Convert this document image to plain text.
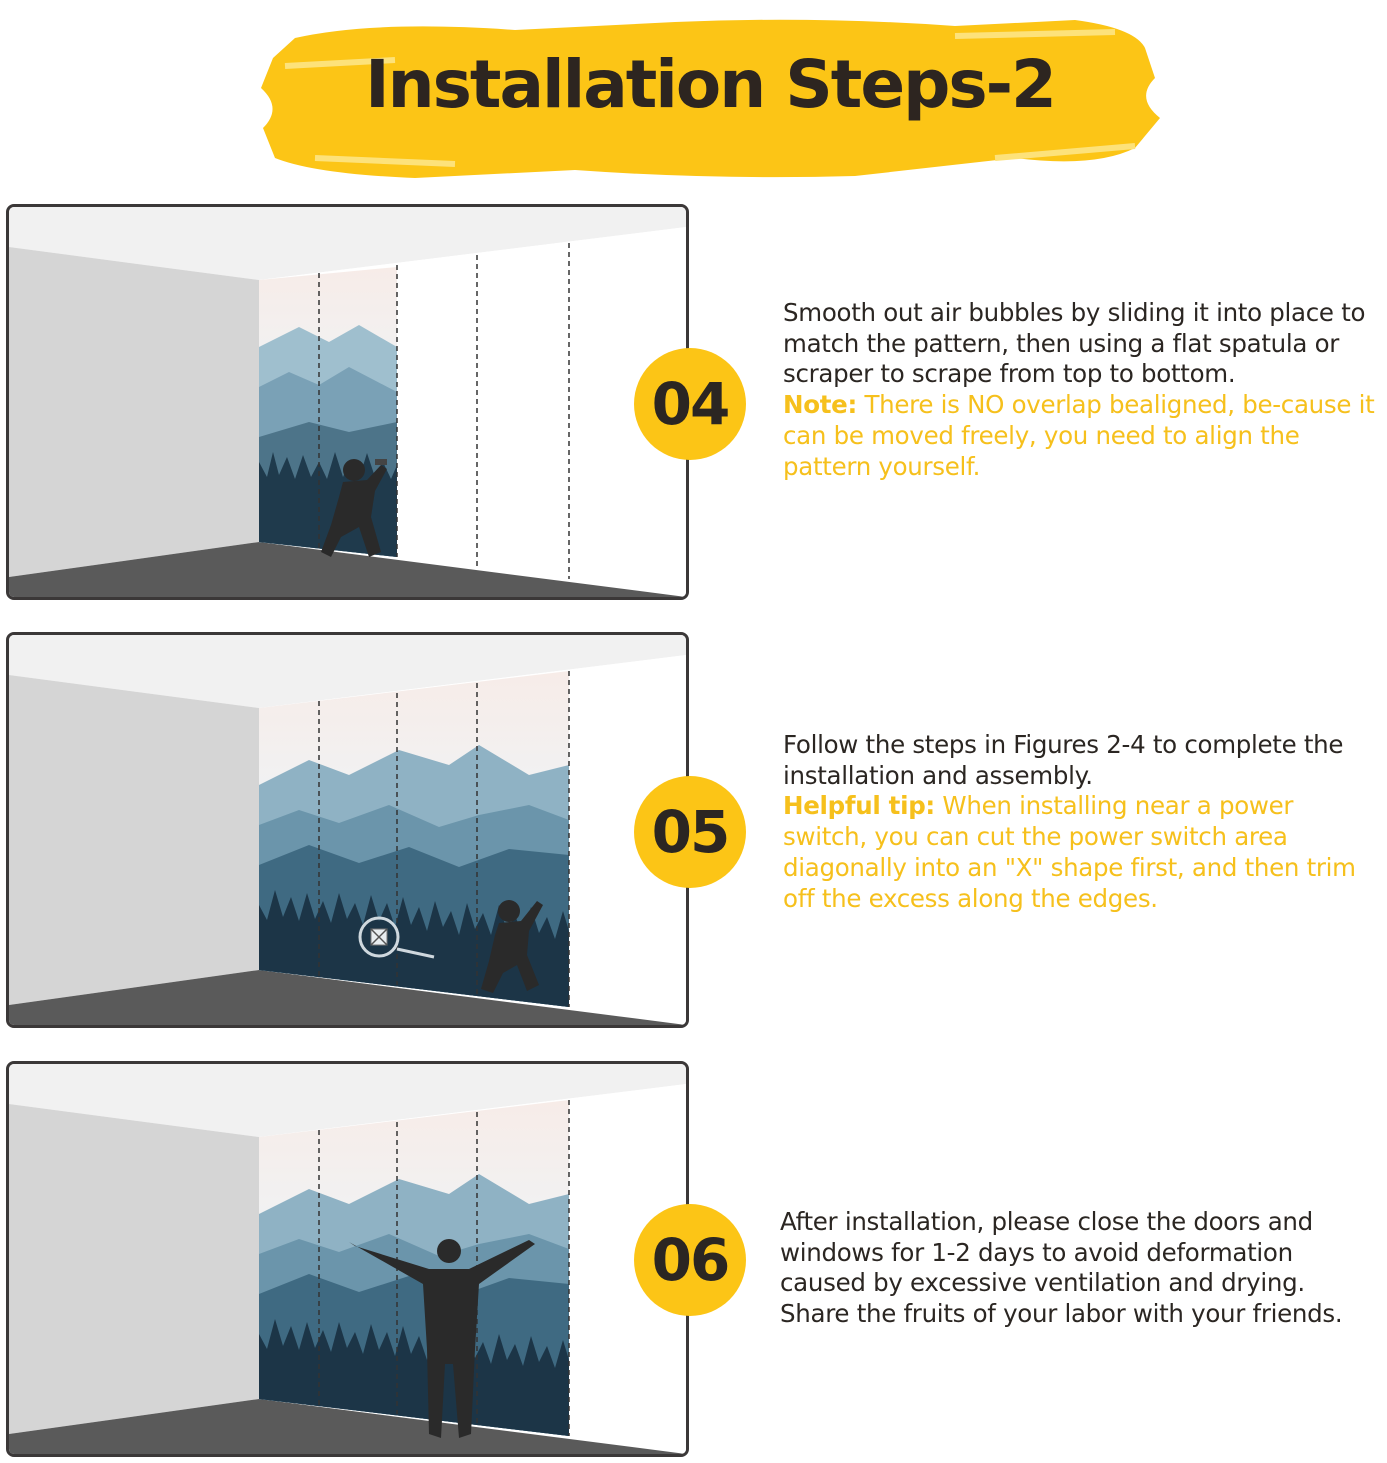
Installation Steps-2
04

Smooth out air bubbles by sliding it into place to match the pattern, then using a flat spatula or scraper to scrape from top to bottom.

Note: There is NO overlap bealigned, be-cause it can be moved freely, you need to align the pattern yourself.

05

Follow the steps in Figures 2-4 to complete the installation and assembly.

Helpful tip: When installing near a power switch, you can cut the power switch area diagonally into an "X" shape first, and then trim off the excess along the edges.

06

After installation, please close the doors and windows for 1-2 days to avoid deformation caused by excessive ventilation and drying.

Share the fruits of your labor with your friends.
